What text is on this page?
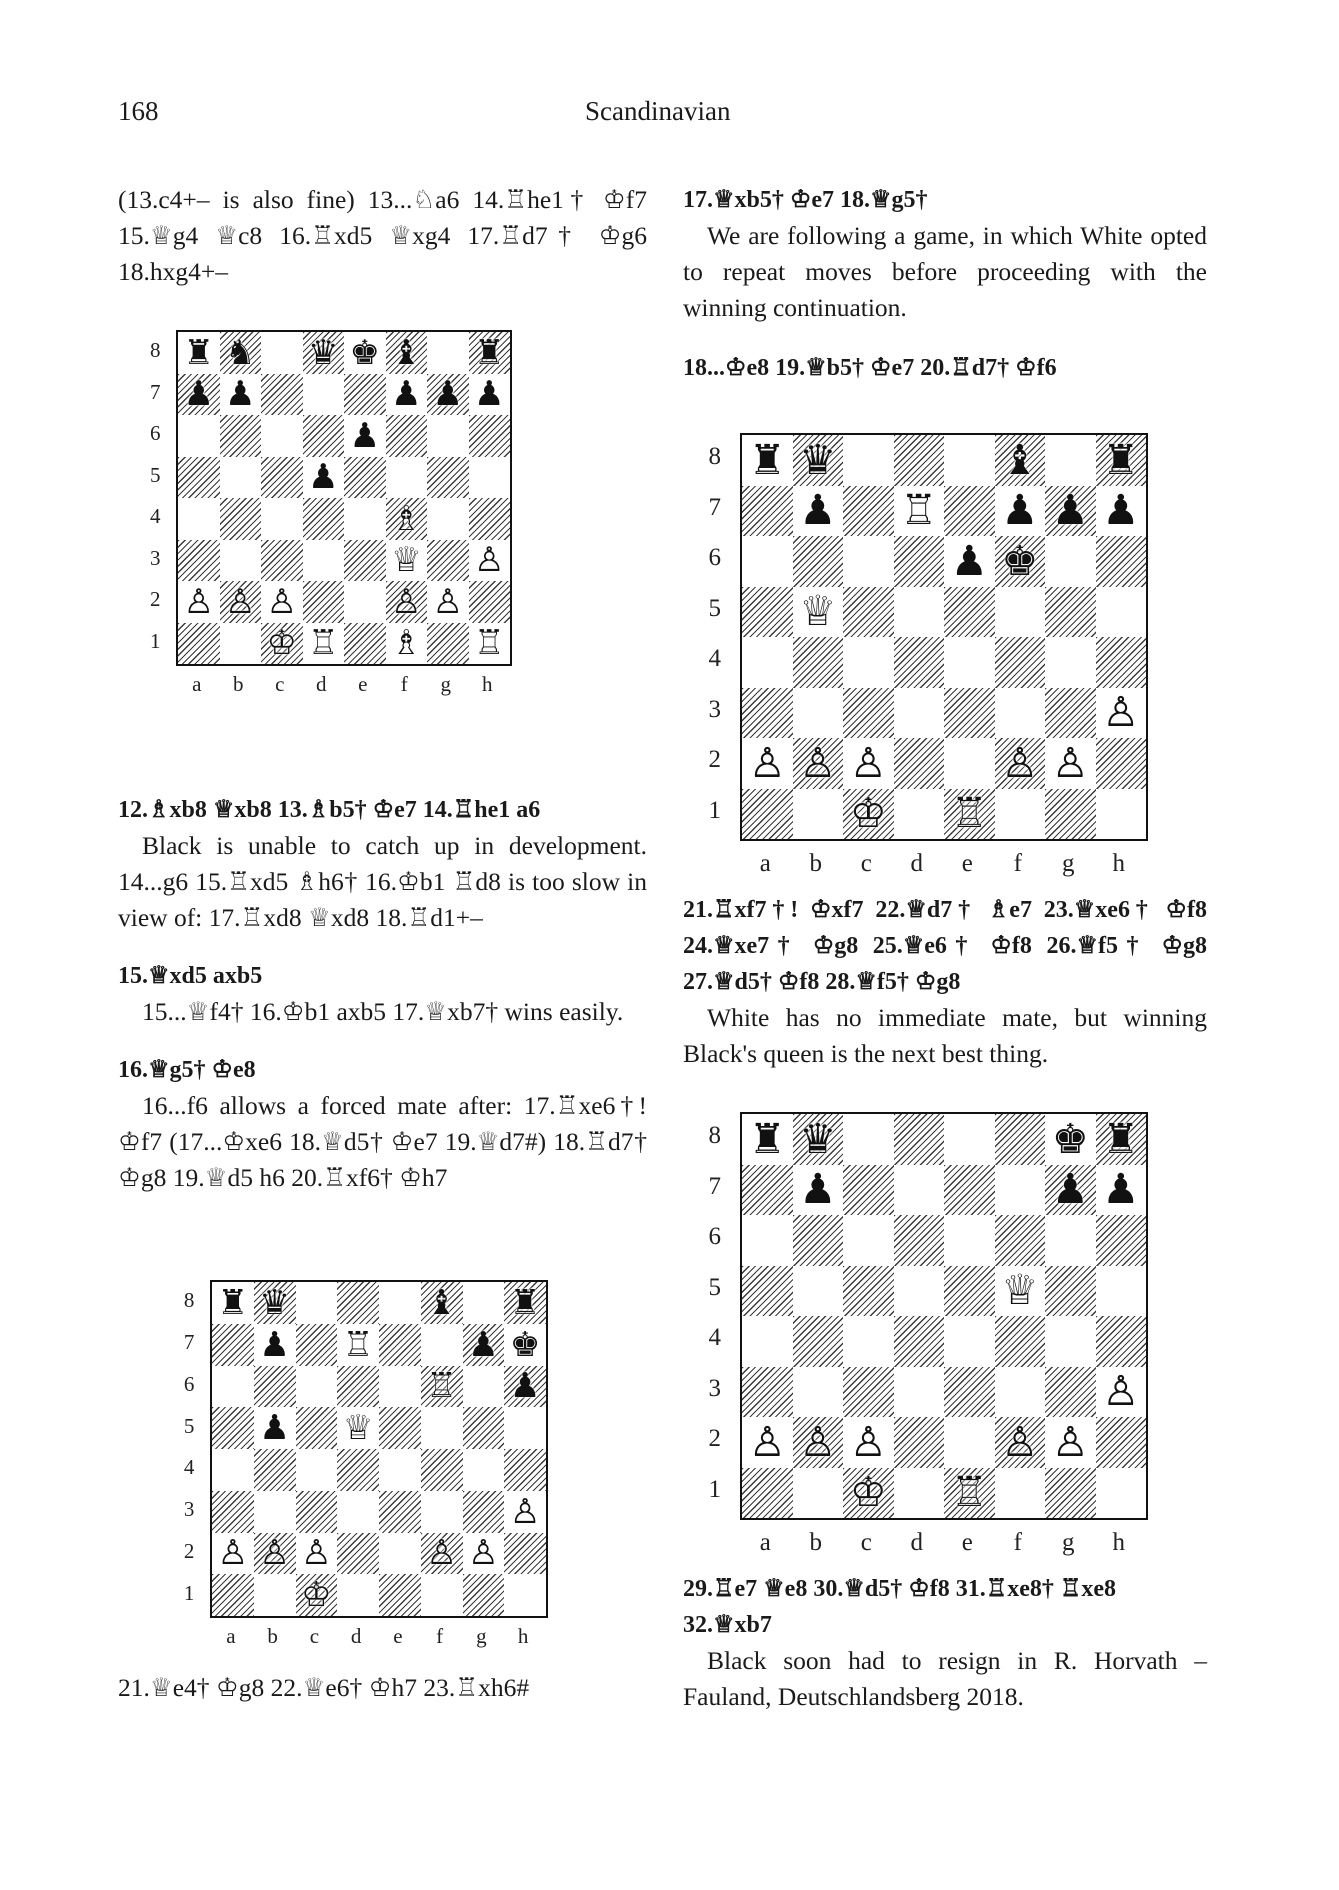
168	Scandinavian

(13.c4+– is also fine) 13...♘a6 14.♖he1† ♔f7 15.♕g4 ♕c8 16.♖xd5 ♕xg4 17.♖d7† ♔g6 18.hxg4+–

♜ ♞ ♛ ♚ ♝ ♜
♟ ♟	♟ ♟ ♟
♟
♟
♗
♕ ♙
♙ ♙ ♙	♙ ♙
♔ ♖ ♗ ♖

12.♗xb8 ♕xb8 13.♗b5† ♔e7 14.♖he1 a6

Black is unable to catch up in development. 14...g6 15.♖xd5 ♗h6† 16.♔b1 ♖d8 is too slow in view of: 17.♖xd8 ♕xd8 18.♖d1+–

15.♕xd5 axb5

15...♕f4† 16.♔b1 axb5 17.♕xb7† wins easily.

16.♕g5† ♔e8

16...f6 allows a forced mate after: 17.♖xe6†! ♔f7 (17...♔xe6 18.♕d5† ♔e7 19.♕d7#) 18.♖d7† ♔g8 19.♕d5 h6 20.♖xf6† ♔h7

♜ ♛	♝ ♜
♟ ♖	♟ ♚
♖ ♟
♟ ♕
♙
♙ ♙ ♙	♙ ♙
♔

21.♕e4† ♔g8 22.♕e6† ♔h7 23.♖xh6#

17.♕xb5† ♔e7 18.♕g5†

We are following a game, in which White opted to repeat moves before proceeding with the winning continuation.

18...♔e8 19.♕b5† ♔e7 20.♖d7† ♔f6

♜ ♛	♝ ♜
♟ ♖ ♟ ♟ ♟
♟ ♚
♕
♙
♙ ♙ ♙	♙ ♙
♔ ♖

21.♖xf7†! ♔xf7 22.♕d7† ♗e7 23.♕xe6† ♔f8 24.♕xe7† ♔g8 25.♕e6† ♔f8 26.♕f5† ♔g8 27.♕d5† ♔f8 28.♕f5† ♔g8

White has no immediate mate, but winning Black's queen is the next best thing.

♜ ♛	♚ ♜
♟	♟ ♟
♕
♙
♙ ♙ ♙	♙ ♙
♔ ♖

29.♖e7 ♕e8 30.♕d5† ♔f8 31.♖xe8† ♖xe8 32.♕xb7

Black soon had to resign in R. Horvath – Fauland, Deutschlandsberg 2018.

8
7
6
5
4
3
2
1
a	b	c	d	e	f	g	h
8
7
6
5
4
3
2
1
a	b	c	d	e	f	g	h
8
7
6
5
4
3
2
1
a	b	c	d	e	f	g	h
8
7
6
5
4
3
2
1
a	b	c	d	e	f	g	h
